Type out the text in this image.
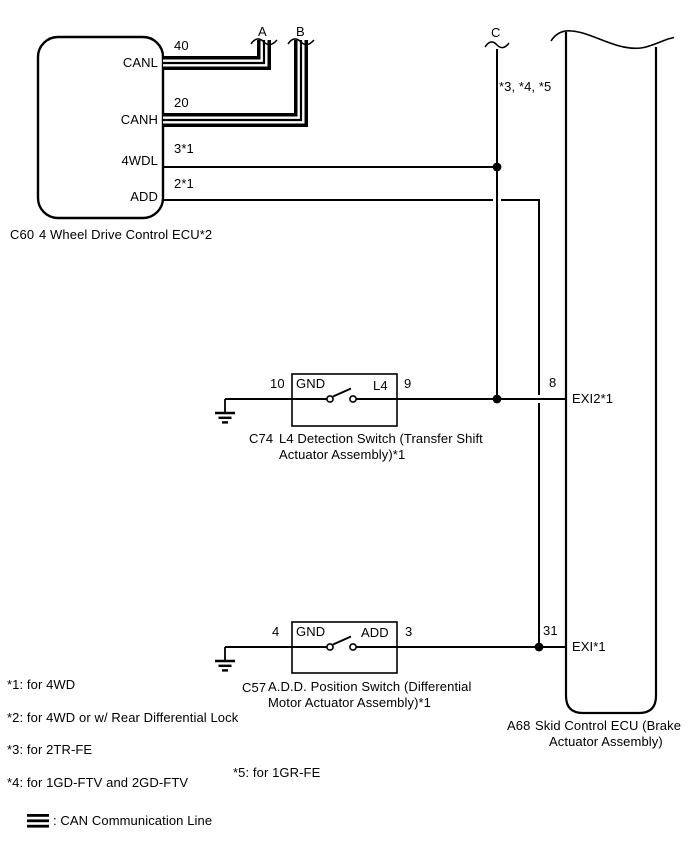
A B	C
*3, *4, *5
40
20
3*1
2*1
CANL
CANH
4WDL
ADD
C60 4 Wheel Drive Control ECU*2
10 GND	L4 9
C74 L4 Detection Switch (Transfer Shift
Actuator Assembly)*1
8
EXI2*1
4 GND	ADD 3
C57 A.D.D. Position Switch (Differential
Motor Actuator Assembly)*1
31
EXI*1
A68 Skid Control ECU (Brake
Actuator Assembly)
*1: for 4WD
*2: for 4WD or w/ Rear Differential Lock
*3: for 2TR-FE
*4: for 1GD-FTV and 2GD-FTV
*5: for 1GR-FE
: CAN Communication Line
